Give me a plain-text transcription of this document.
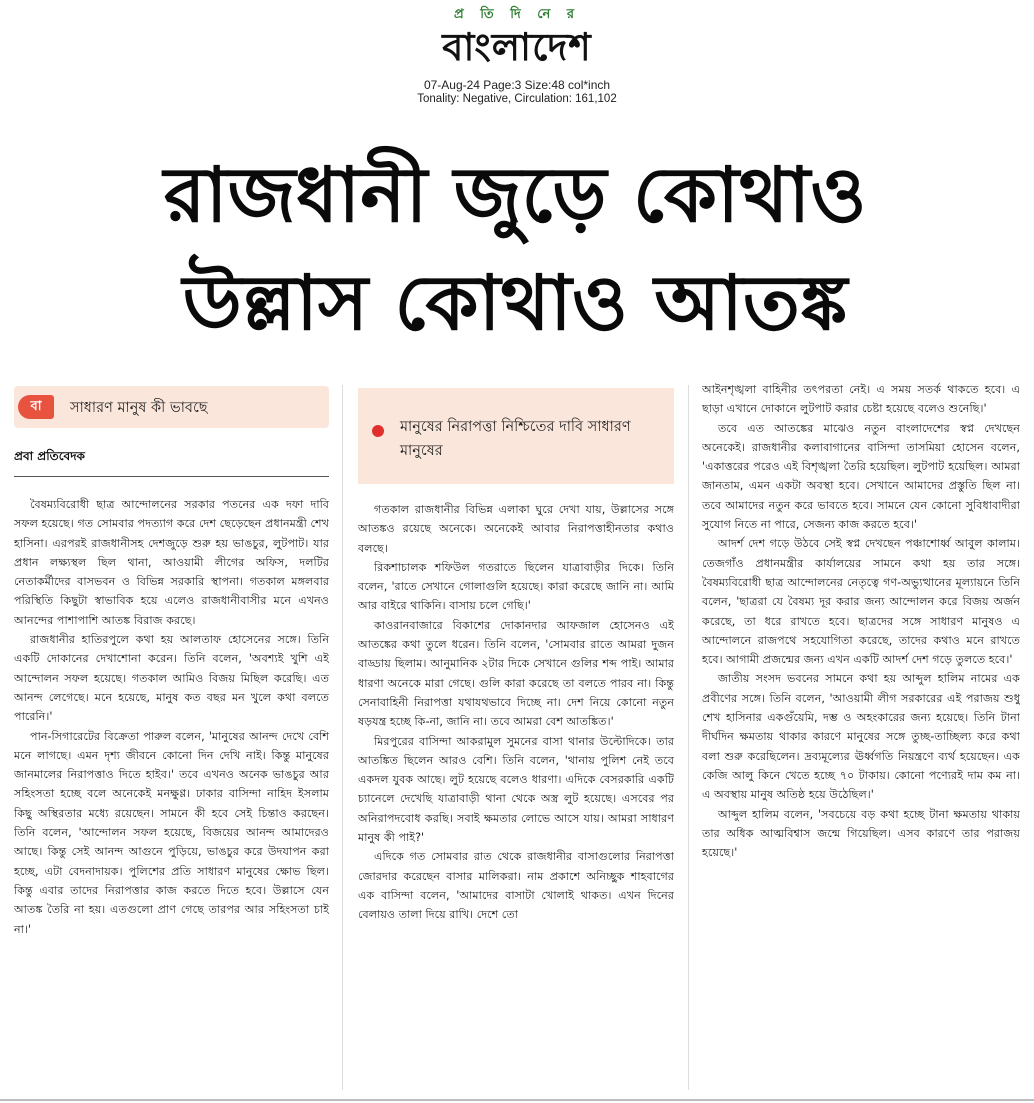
প্র তি দি নে র
বাংলাদেশ
07-Aug-24 Page:3 Size:48 col*inch
Tonality: Negative, Circulation: 161,102
রাজধানী জুড়ে কোথাও
উল্লাস কোথাও আতঙ্ক
বা	সাধারণ মানুষ কী ভাবছে
প্রবা প্রতিবেদক

বৈষম্যবিরোধী ছাত্র আন্দোলনের সরকার পতনের এক দফা দাবি সফল হয়েছে। গত সোমবার পদত্যাগ করে দেশ ছেড়েছেন প্রধানমন্ত্রী শেখ হাসিনা। এরপরই রাজধানীসহ দেশজুড়ে শুরু হয় ভাঙচুর, লুটপাট। যার প্রধান লক্ষ্যস্থল ছিল থানা, আওয়ামী লীগের অফিস, দলটির নেতাকর্মীদের বাসভবন ও বিভিন্ন সরকারি স্থাপনা। গতকাল মঙ্গলবার পরিস্থিতি কিছুটা স্বাভাবিক হয়ে এলেও রাজধানীবাসীর মনে এখনও আনন্দের পাশাপাশি আতঙ্ক বিরাজ করছে।

রাজধানীর হাতিরপুলে কথা হয় আলতাফ হোসেনের সঙ্গে। তিনি একটি দোকানের দেখাশোনা করেন। তিনি বলেন, 'অবশ্যই খুশি এই আন্দোলন সফল হয়েছে। গতকাল আমিও বিজয় মিছিল করেছি। এত আনন্দ লেগেছে। মনে হয়েছে, মানুষ কত বছর মন খুলে কথা বলতে পারেনি।'

পান-সিগারেটের বিক্রেতা পারুল বলেন, 'মানুষের আনন্দ দেখে বেশি মনে লাগছে। এমন দৃশ্য জীবনে কোনো দিন দেখি নাই। কিন্তু মানুষের জানমালের নিরাপত্তাও দিতে হাইব।' তবে এখনও অনেক ভাঙচুর আর সহিংসতা হচ্ছে বলে অনেকেই মনক্ষুণ্ণ। ঢাকার বাসিন্দা নাহিদ ইসলাম কিছু অস্থিরতার মধ্যে রয়েছেন। সামনে কী হবে সেই চিন্তাও করছেন। তিনি বলেন, 'আন্দোলন সফল হয়েছে, বিজয়ের আনন্দ আমাদেরও আছে। কিন্তু সেই আনন্দ আগুনে পুড়িয়ে, ভাঙচুর করে উদযাপন করা হচ্ছে, এটা বেদনাদায়ক। পুলিশের প্রতি সাধারণ মানুষের ক্ষোভ ছিল। কিন্তু এবার তাদের নিরাপত্তার কাজ করতে দিতে হবে। উল্লাসে যেন আতঙ্ক তৈরি না হয়। এতগুলো প্রাণ গেছে তারপর আর সহিংসতা চাই না।'

মানুষের নিরাপত্তা নিশ্চিতের দাবি সাধারণ মানুষের

গতকাল রাজধানীর বিভিন্ন এলাকা ঘুরে দেখা যায়, উল্লাসের সঙ্গে আতঙ্কও রয়েছে অনেকে। অনেকেই আবার নিরাপত্তাহীনতার কথাও বলছে।

রিকশাচালক শফিউল গতরাতে ছিলেন যাত্রাবাড়ীর দিকে। তিনি বলেন, 'রাতে সেখানে গোলাগুলি হয়েছে। কারা করেছে জানি না। আমি আর বাইরে থাকিনি। বাসায় চলে গেছি।'

কাওরানবাজারে বিকাশের দোকানদার আফজাল হোসেনও এই আতঙ্কের কথা তুলে ধরেন। তিনি বলেন, 'সোমবার রাতে আমরা দুজন বাড্ডায় ছিলাম। আনুমানিক ২টার দিকে সেখানে গুলির শব্দ পাই। আমার ধারণা অনেকে মারা গেছে। গুলি কারা করেছে তা বলতে পারব না। কিন্তু সেনাবাহিনী নিরাপত্তা যথাযথভাবে দিচ্ছে না। দেশ নিয়ে কোনো নতুন ষড়যন্ত্র হচ্ছে কি-না, জানি না। তবে আমরা বেশ আতঙ্কিত।'

মিরপুরের বাসিন্দা আকরামুল সুমনের বাসা থানার উল্টোদিকে। তার আতঙ্কিত ছিলেন আরও বেশি। তিনি বলেন, 'থানায় পুলিশ নেই তবে একদল যুবক আছে। লুট হয়েছে বলেও ধারণা। এদিকে বেসরকারি একটি চ্যানেলে দেখেছি যাত্রাবাড়ী থানা থেকে অস্ত্র লুট হয়েছে। এসবের পর অনিরাপদবোধ করছি। সবাই ক্ষমতার লোভে আসে যায়। আমরা সাধারণ মানুষ কী পাই?'

এদিকে গত সোমবার রাত থেকে রাজধানীর বাসাগুলোর নিরাপত্তা জোরদার করেছেন বাসার মালিকরা। নাম প্রকাশে অনিচ্ছুক শাহবাগের এক বাসিন্দা বলেন, 'আমাদের বাসাটা খোলাই থাকত। এখন দিনের বেলায়ও তালা দিয়ে রাখি। দেশে তো

আইনশৃঙ্খলা বাহিনীর তৎপরতা নেই। এ সময় সতর্ক থাকতে হবে। এ ছাড়া এখানে দোকানে লুটপাট করার চেষ্টা হয়েছে বলেও শুনেছি।'

তবে এত আতঙ্কের মাঝেও নতুন বাংলাদেশের স্বপ্ন দেখছেন অনেকেই। রাজধানীর কলাবাগানের বাসিন্দা তাসমিয়া হোসেন বলেন, 'একাত্তরের পরেও এই বিশৃঙ্খলা তৈরি হয়েছিল। লুটপাট হয়েছিল। আমরা জানতাম, এমন একটা অবস্থা হবে। সেখানে আমাদের প্রস্তুতি ছিল না। তবে আমাদের নতুন করে ভাবতে হবে। সামনে যেন কোনো সুবিধাবাদীরা সুযোগ নিতে না পারে, সেজন্য কাজ করতে হবে।'

আদর্শ দেশ গড়ে উঠবে সেই স্বপ্ন দেখছেন পঞ্চাশোর্ধ্ব আবুল কালাম। তেজগাঁও প্রধানমন্ত্রীর কার্যালয়ের সামনে কথা হয় তার সঙ্গে। বৈষম্যবিরোধী ছাত্র আন্দোলনের নেতৃত্বে গণ-অভ্যুত্থানের মূল্যায়নে তিনি বলেন, 'ছাত্ররা যে বৈষম্য দূর করার জন্য আন্দোলন করে বিজয় অর্জন করেছে, তা ধরে রাখতে হবে। ছাত্রদের সঙ্গে সাধারণ মানুষও এ আন্দোলনে রাজপথে সহযোগিতা করেছে, তাদের কথাও মনে রাখতে হবে। আগামী প্রজন্মের জন্য এখন একটি আদর্শ দেশ গড়ে তুলতে হবে।'

জাতীয় সংসদ ভবনের সামনে কথা হয় আব্দুল হালিম নামের এক প্রবীণের সঙ্গে। তিনি বলেন, 'আওয়ামী লীগ সরকারের এই পরাজয় শুধু শেখ হাসিনার একগুঁয়েমি, দম্ভ ও অহংকারের জন্য হয়েছে। তিনি টানা দীর্ঘদিন ক্ষমতায় থাকার কারণে মানুষের সঙ্গে তুচ্ছ-তাচ্ছিল্য করে কথা বলা শুরু করেছিলেন। দ্রব্যমূল্যের ঊর্ধ্বগতি নিয়ন্ত্রণে ব্যর্থ হয়েছেন। এক কেজি আলু কিনে খেতে হচ্ছে ৭০ টাকায়। কোনো পণ্যেরই দাম কম না। এ অবস্থায় মানুষ অতিষ্ঠ হয়ে উঠেছিল।'

আব্দুল হালিম বলেন, 'সবচেয়ে বড় কথা হচ্ছে টানা ক্ষমতায় থাকায় তার অধিক আত্মবিশ্বাস জন্মে গিয়েছিল। এসব কারণে তার পরাজয় হয়েছে।'
